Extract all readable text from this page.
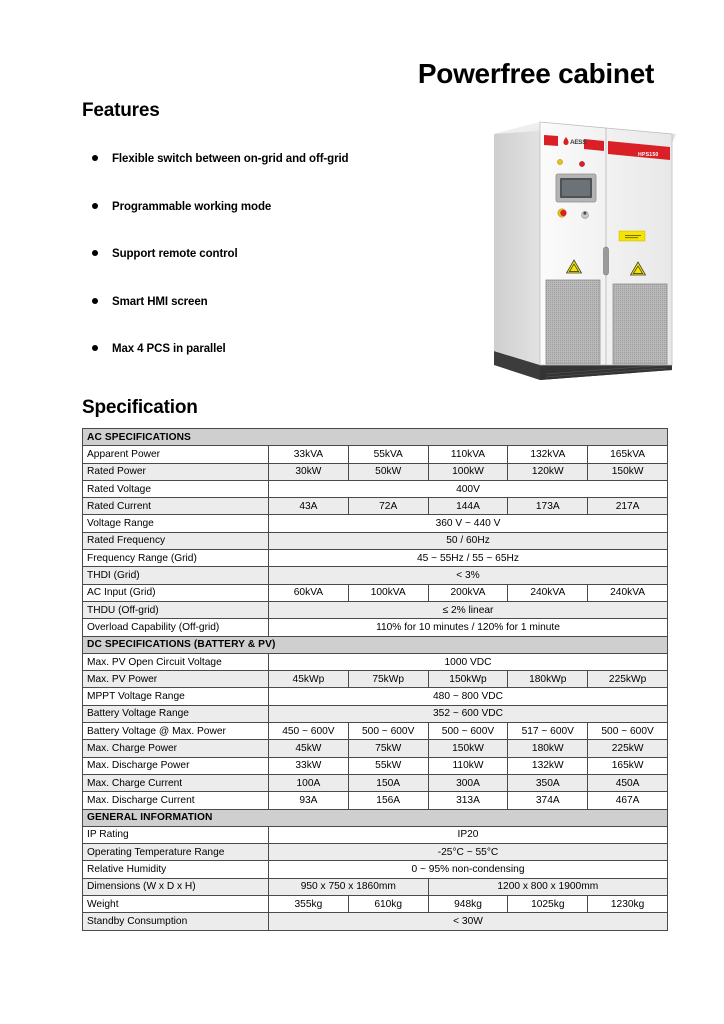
Powerfree cabinet
Features
Flexible switch between on-grid and off-grid
Programmable working mode
Support remote control
Smart HMI screen
Max 4 PCS in parallel
AESS
HPS150
Specification
AC SPECIFICATIONS					
Apparent Power	33kVA	55kVA	110kVA	132kVA	165kVA
Rated Power	30kW	50kW	100kW	120kW	150kW
Rated Voltage	400V				
Rated Current	43A	72A	144A	173A	217A
Voltage Range	360 V ~ 440 V				
Rated Frequency	50 / 60Hz				
Frequency Range (Grid)	45 ~ 55Hz / 55 ~ 65Hz				
THDI (Grid)	< 3%				
AC Input (Grid)	60kVA	100kVA	200kVA	240kVA	240kVA
THDU (Off-grid)	≤ 2% linear				
Overload Capability (Off-grid)	110% for 10 minutes / 120% for 1 minute				
DC SPECIFICATIONS (BATTERY & PV)					
Max. PV Open Circuit Voltage	1000 VDC				
Max. PV Power	45kWp	75kWp	150kWp	180kWp	225kWp
MPPT Voltage Range	480 ~ 800 VDC				
Battery Voltage Range	352 ~ 600 VDC				
Battery Voltage @ Max. Power	450 ~ 600V	500 ~ 600V	500 ~ 600V	517 ~ 600V	500 ~ 600V
Max. Charge Power	45kW	75kW	150kW	180kW	225kW
Max. Discharge Power	33kW	55kW	110kW	132kW	165kW
Max. Charge Current	100A	150A	300A	350A	450A
Max. Discharge Current	93A	156A	313A	374A	467A
GENERAL INFORMATION					
IP Rating	IP20				
Operating Temperature Range	-25°C ~ 55°C				
Relative Humidity	0 ~ 95% non-condensing				
Dimensions (W x D x H)	950 x 750 x 1860mm		1200 x 800 x 1900mm		
Weight	355kg	610kg	948kg	1025kg	1230kg
Standby Consumption	< 30W				
